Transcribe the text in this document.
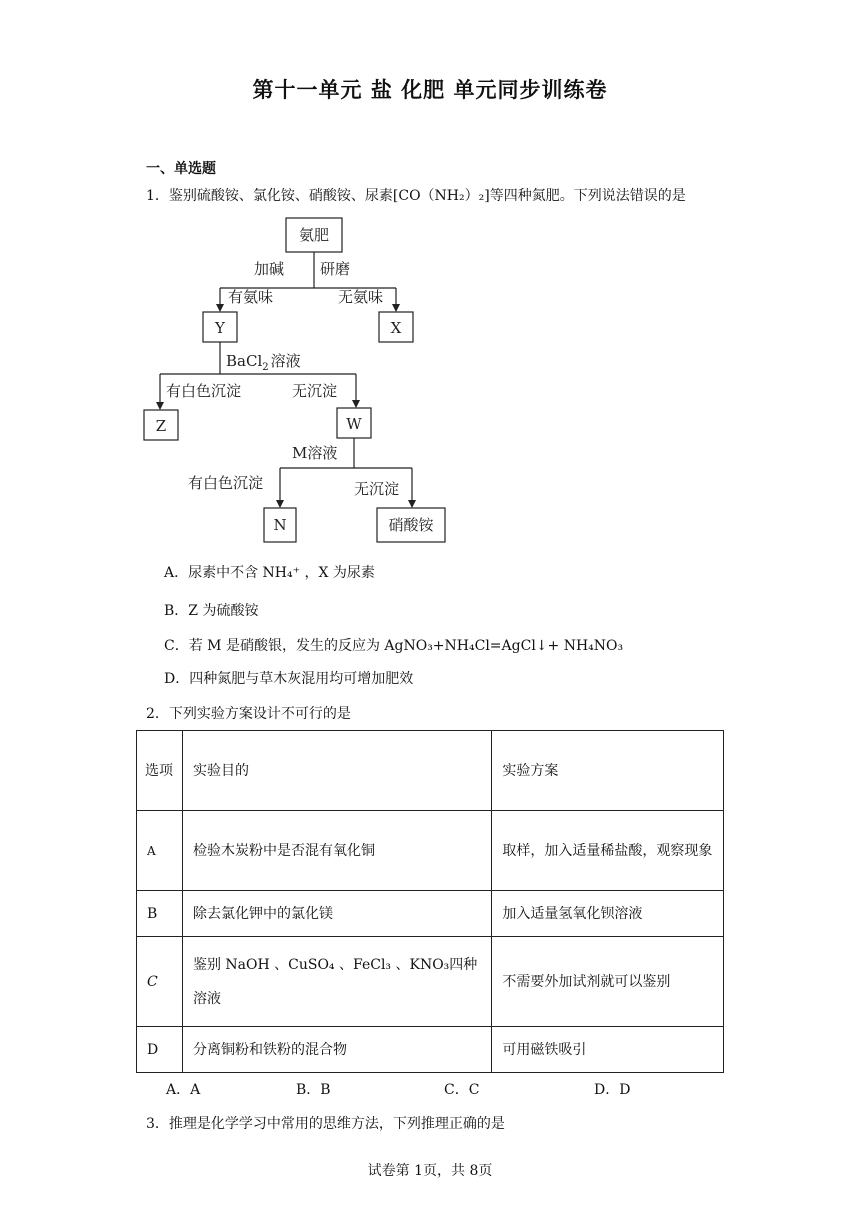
第十一单元 盐 化肥 单元同步训练卷
一、单选题
1．鉴别硫酸铵、氯化铵、硝酸铵、尿素[CO（NH₂）₂]等四种氮肥。下列说法错误的是
氨肥
加碱 研磨
有氨味	无氨味
Y	X
BaCl$_2$ 溶液
有白色沉淀	无沉淀
Z	W
M溶液
有白色沉淀	无沉淀
N	硝酸铵
A．尿素中不含 NH₄⁺ ，X 为尿素
B．Z 为硫酸铵
C．若 M 是硝酸银，发生的反应为 AgNO₃+NH₄Cl=AgCl↓+ NH₄NO₃
D．四种氮肥与草木灰混用均可增加肥效
2．下列实验方案设计不可行的是
选项	实验目的	实验方案
A	检验木炭粉中是否混有氧化铜	取样，加入适量稀盐酸，观察现象
B	除去氯化钾中的氯化镁	加入适量氢氧化钡溶液
C	鉴别 NaOH 、CuSO₄ 、FeCl₃ 、KNO₃四种溶液	不需要外加试剂就可以鉴别
D	分离铜粉和铁粉的混合物	可用磁铁吸引
A．A	B．B	C．C	D．D
3．推理是化学学习中常用的思维方法，下列推理正确的是
试卷第 1页，共 8页
